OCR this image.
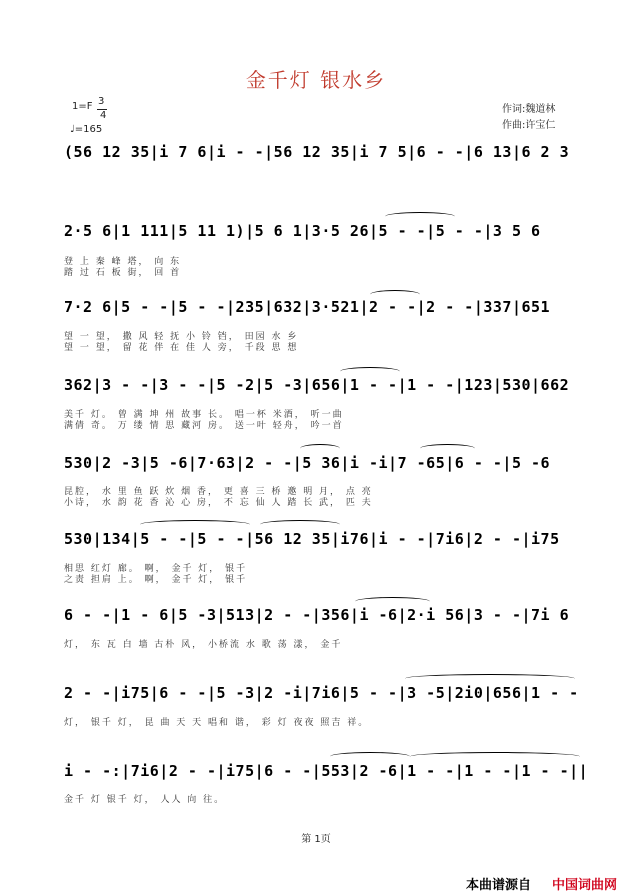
金千灯 银水乡
1=F 3
4
♩=165
作词:魏道林
作曲:许宝仁
(56 12 35|i 7 6|i - -|56 12 35|i 7 5|6 - -|6 13|6 2 3
2·5 6|1 111|5 11 1)|5 6 1|3·5 26|5 - -|5 - -|3 5 6
登 上 秦 峰 塔， 向 东
踏 过 石 板 街， 回 首
7·2 6|5 - -|5 - -|235|632|3·521|2 - -|2 - -|337|651
望 一 望， 撒 风 轻 抚 小 铃 铛， 田园 水 乡
望 一 望， 留 花 伴 在 佳 人 旁， 千段 思 想
362|3 - -|3 - -|5 -2|5 -3|656|1 - -|1 - -|123|530|662
美千 灯。 曾 满 坤 州 故事 长。 唱一杯 米酒， 听一曲
满倩 奇。 万 缕 情 思 藏河 房。 送一叶 轻舟， 吟一首
530|2 -3|5 -6|7·63|2 - -|5 36|i -i|7 -65|6 - -|5 -6
昆腔， 水 里 鱼 跃 炊 烟 香， 更 喜 三 桥 邀 明 月， 点 亮
小诗， 水 韵 花 香 沁 心 房， 不 忘 仙 人 踏 长 武， 匹 夫
530|134|5 - -|5 - -|56 12 35|i76|i - -|7i6|2 - -|i75
相思 红灯 廊。 啊， 金千 灯， 银千
之责 担肩 上。 啊， 金千 灯， 银千
6 - -|1 - 6|5 -3|513|2 - -|356|i -6|2·i 56|3 - -|7i 6
灯， 东 瓦 白 墙 古朴 风， 小桥流 水 歌 荡 漾， 金千
2 - -|i75|6 - -|5 -3|2 -i|7i6|5 - -|3 -5|2i0|656|1 - -
灯， 银千 灯， 昆 曲 天 天 唱和 谐， 彩 灯 夜夜 照吉 祥。
i - -:|7i6|2 - -|i75|6 - -|553|2 -6|1 - -|1 - -|1 - -||
金千 灯 银千 灯， 人人 向 往。
第 1页
本曲谱源自 中国词曲网
